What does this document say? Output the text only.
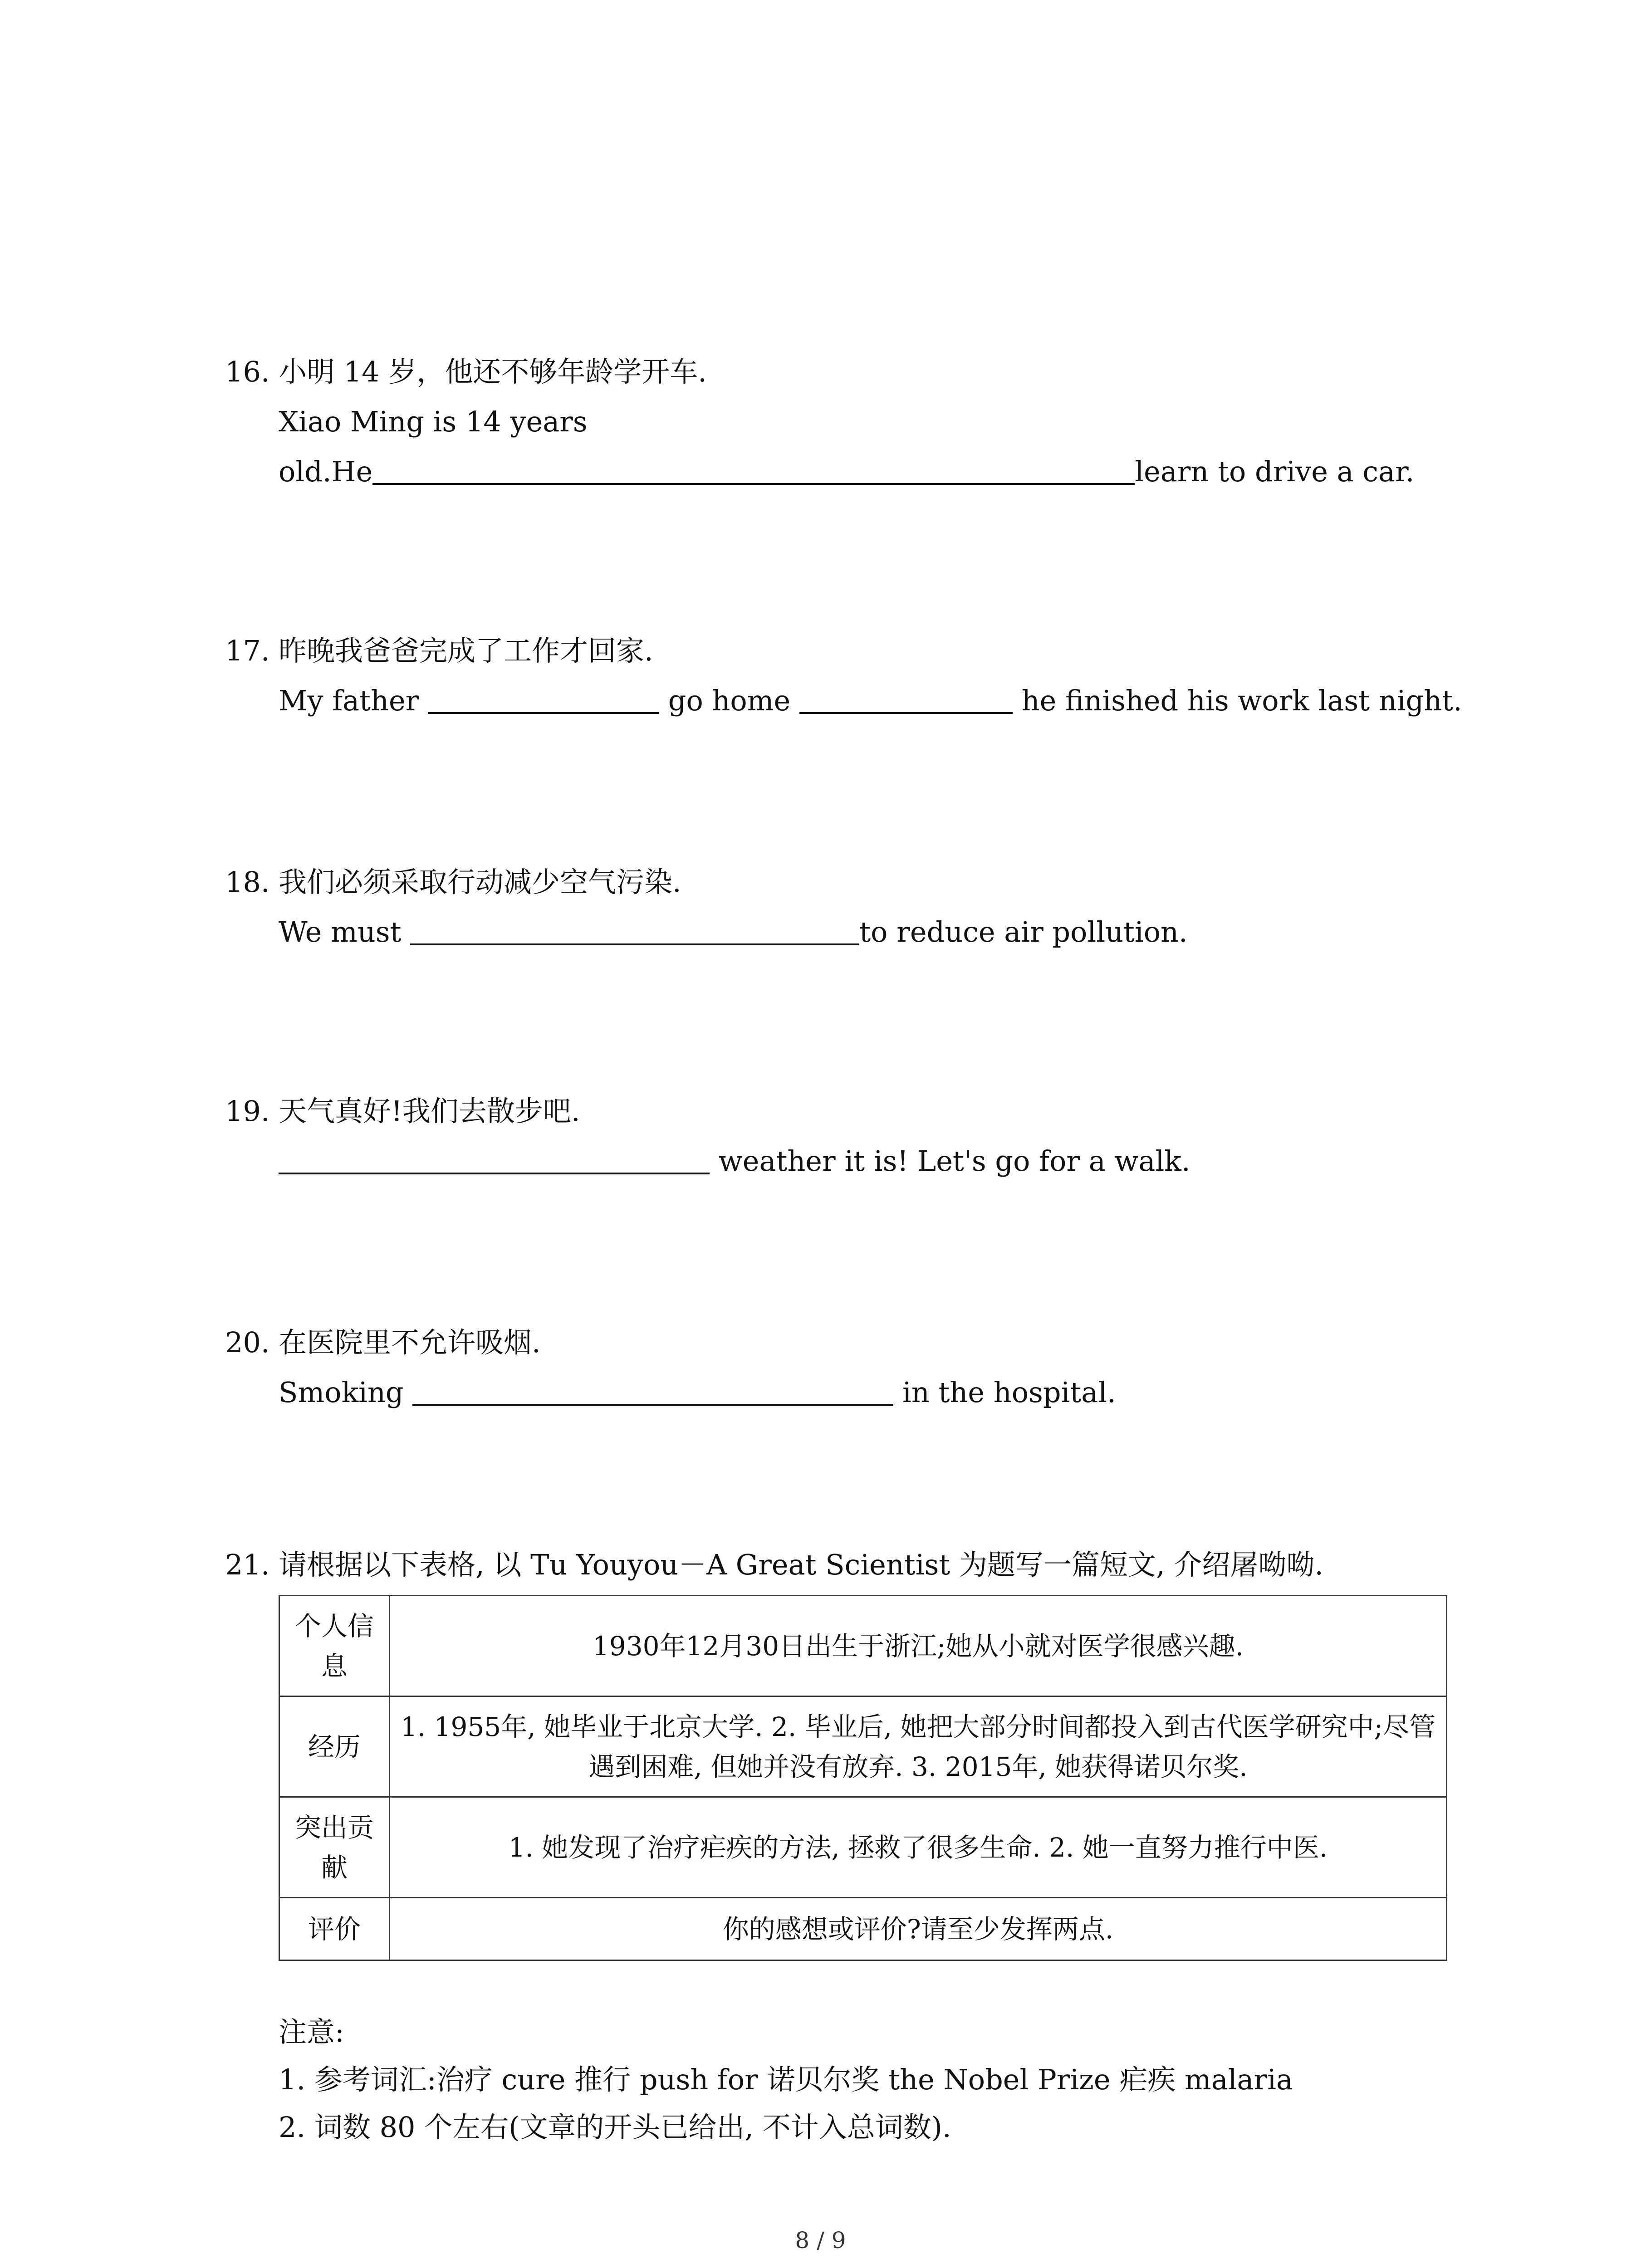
16. 小明 14 岁，他还不够年龄学开车.
Xiao Ming is 14 years
old.He	learn to drive a car.
17. 昨晚我爸爸完成了工作才回家.
My father	go home	he finished his work last night.
18. 我们必须采取行动减少空气污染.
We must	to reduce air pollution.
19. 天气真好!我们去散步吧.
weather it is! Let's go for a walk.
20. 在医院里不允许吸烟.
Smoking	in the hospital.
21. 请根据以下表格, 以 Tu Youyou－A Great Scientist 为题写一篇短文, 介绍屠呦呦.
个人信息	1930年12月30日出生于浙江;她从小就对医学很感兴趣.
经历	1. 1955年, 她毕业于北京大学. 2. 毕业后, 她把大部分时间都投入到古代医学研究中;尽管遇到困难, 但她并没有放弃. 3. 2015年, 她获得诺贝尔奖.
突出贡献	1. 她发现了治疗疟疾的方法, 拯救了很多生命. 2. 她一直努力推行中医.
评价	你的感想或评价?请至少发挥两点.
注意:
1. 参考词汇:治疗 cure 推行 push for 诺贝尔奖 the Nobel Prize 疟疾 malaria
2. 词数 80 个左右(文章的开头已给出, 不计入总词数).
8 / 9
